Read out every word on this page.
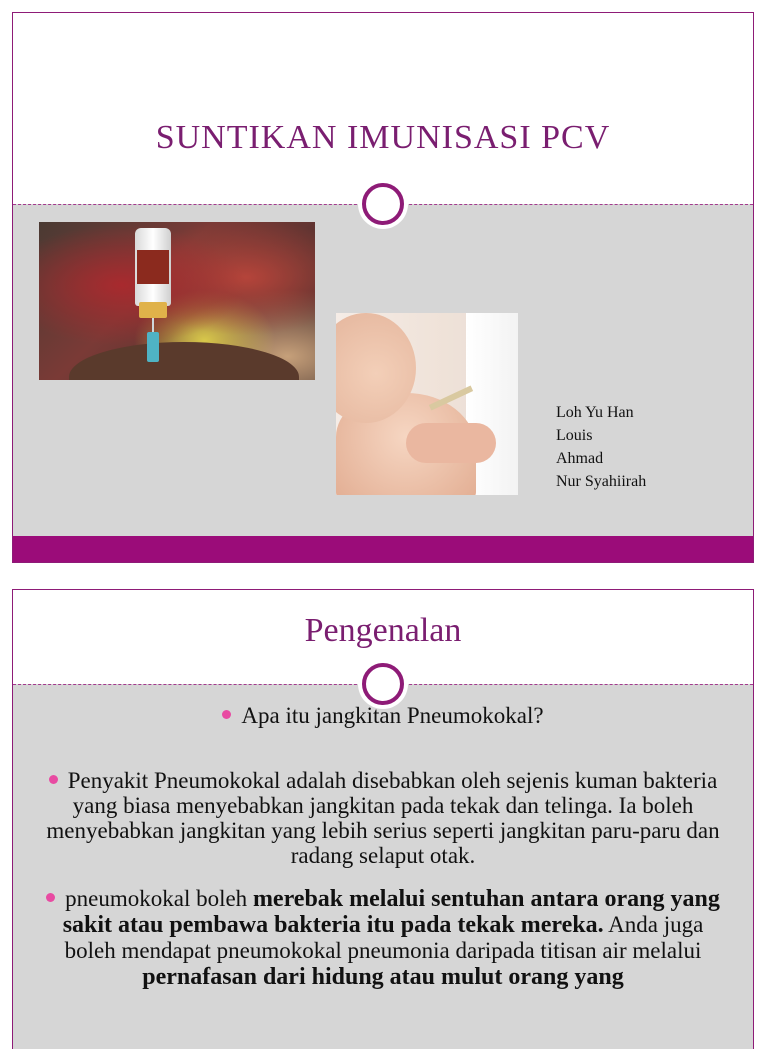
SUNTIKAN IMUNISASI PCV
Loh Yu Han
Louis
Ahmad
Nur Syahiirah
Pengenalan
Apa itu jangkitan Pneumokokal?
Penyakit Pneumokokal adalah disebabkan oleh sejenis kuman bakteria yang biasa menyebabkan jangkitan pada tekak dan telinga. Ia boleh menyebabkan jangkitan yang lebih serius seperti jangkitan paru-paru dan radang selaput otak.
pneumokokal boleh merebak melalui sentuhan antara orang yang sakit atau pembawa bakteria itu pada tekak mereka. Anda juga boleh mendapat pneumokokal pneumonia daripada titisan air melalui pernafasan dari hidung atau mulut orang yang
